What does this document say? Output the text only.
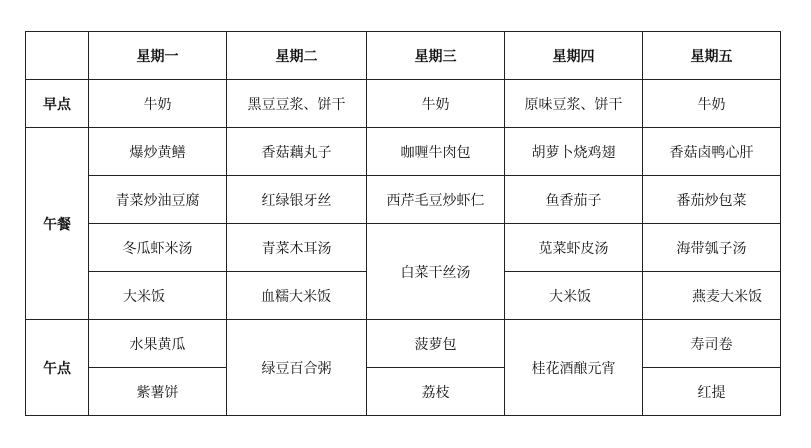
	星期一	星期二	星期三	星期四	星期五
早点	牛奶	黑豆豆浆、饼干	牛奶	原味豆浆、饼干	牛奶
午餐	爆炒黄鳝	香菇藕丸子	咖喱牛肉包	胡萝卜烧鸡翅	香菇卤鸭心肝
	青菜炒油豆腐	红绿银牙丝	西芹毛豆炒虾仁	鱼香茄子	番茄炒包菜
	冬瓜虾米汤	青菜木耳汤	白菜干丝汤	苋菜虾皮汤	海带瓠子汤
	大米饭	血糯大米饭		大米饭	燕麦大米饭
午点	水果黄瓜	绿豆百合粥	菠萝包	桂花酒酿元宵	寿司卷
	紫薯饼		荔枝		红提
